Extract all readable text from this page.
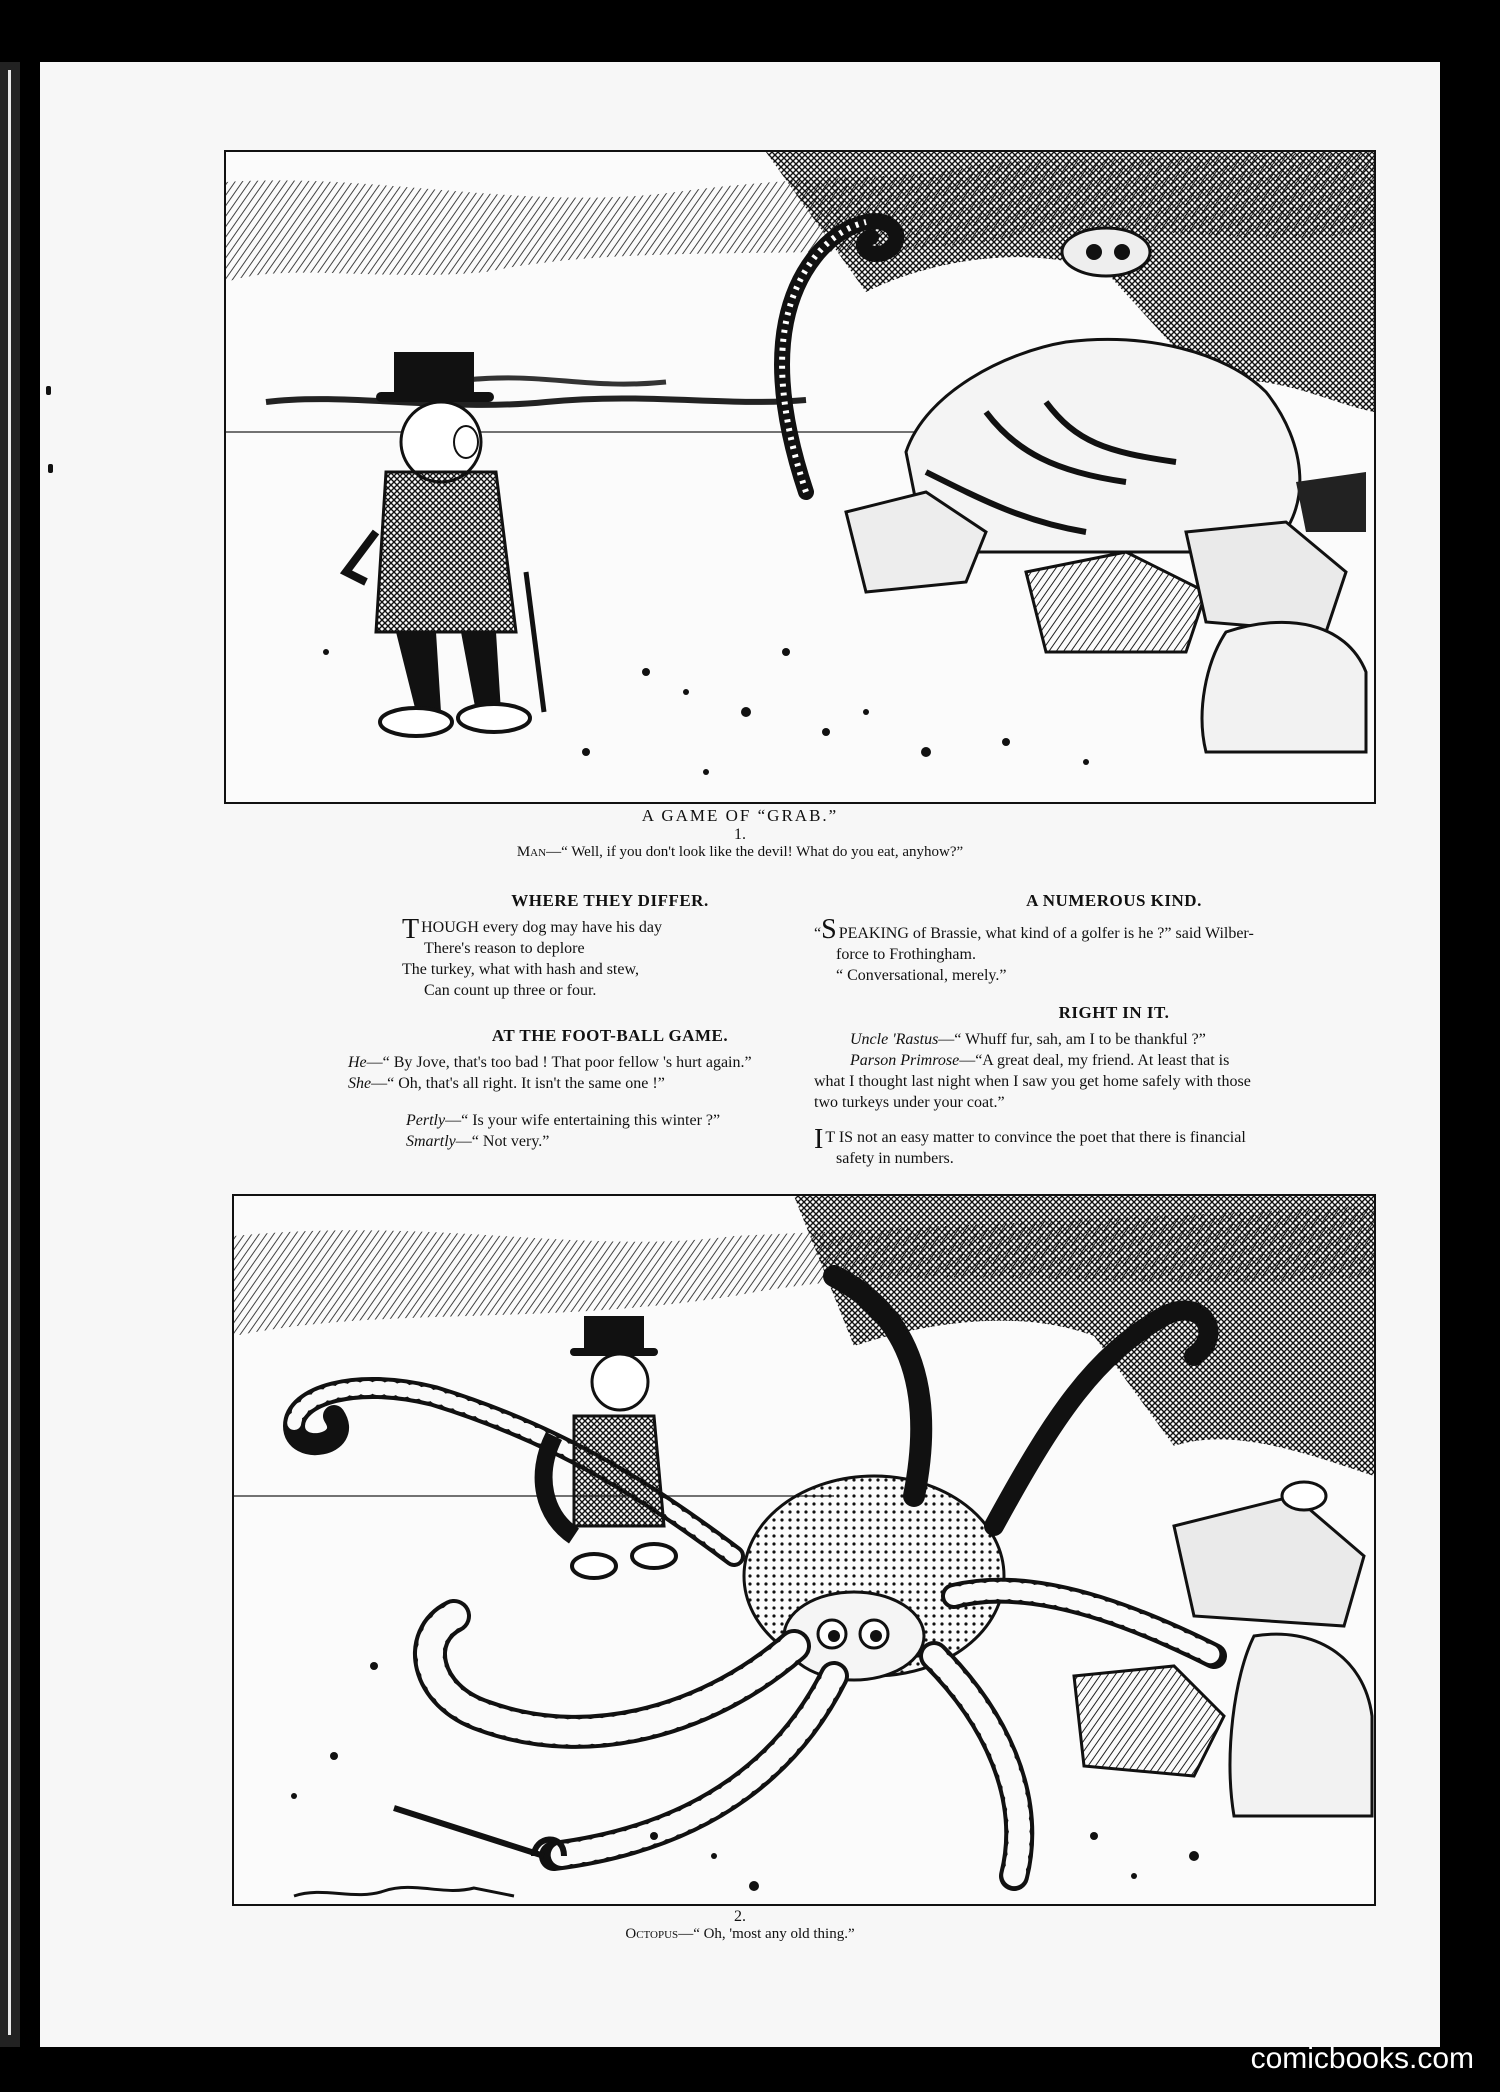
A GAME OF “GRAB.”
1.
Man—“ Well, if you don't look like the devil! What do you eat, anyhow?”
WHERE THEY DIFFER.

THOUGH every dog may have his day

There's reason to deplore

The turkey, what with hash and stew,

Can count up three or four.

AT THE FOOT-BALL GAME.

He—“ By Jove, that's too bad ! That poor fellow 's hurt again.”

She—“ Oh, that's all right. It isn't the same one !”

Pertly—“ Is your wife entertaining this winter ?”

Smartly—“ Not very.”

A NUMEROUS KIND.

“S PEAKING of Brassie, what kind of a golfer is he ?” said Wilber-

force to Frothingham.

“ Conversational, merely.”

RIGHT IN IT.

Uncle 'Rastus—“ Whuff fur, sah, am I to be thankful ?”

Parson Primrose—“A great deal, my friend. At least that is

what I thought last night when I saw you get home safely with those

two turkeys under your coat.”

I T IS not an easy matter to convince the poet that there is financial

safety in numbers.

2.
Octopus—“ Oh, 'most any old thing.”
comicbooks.com
